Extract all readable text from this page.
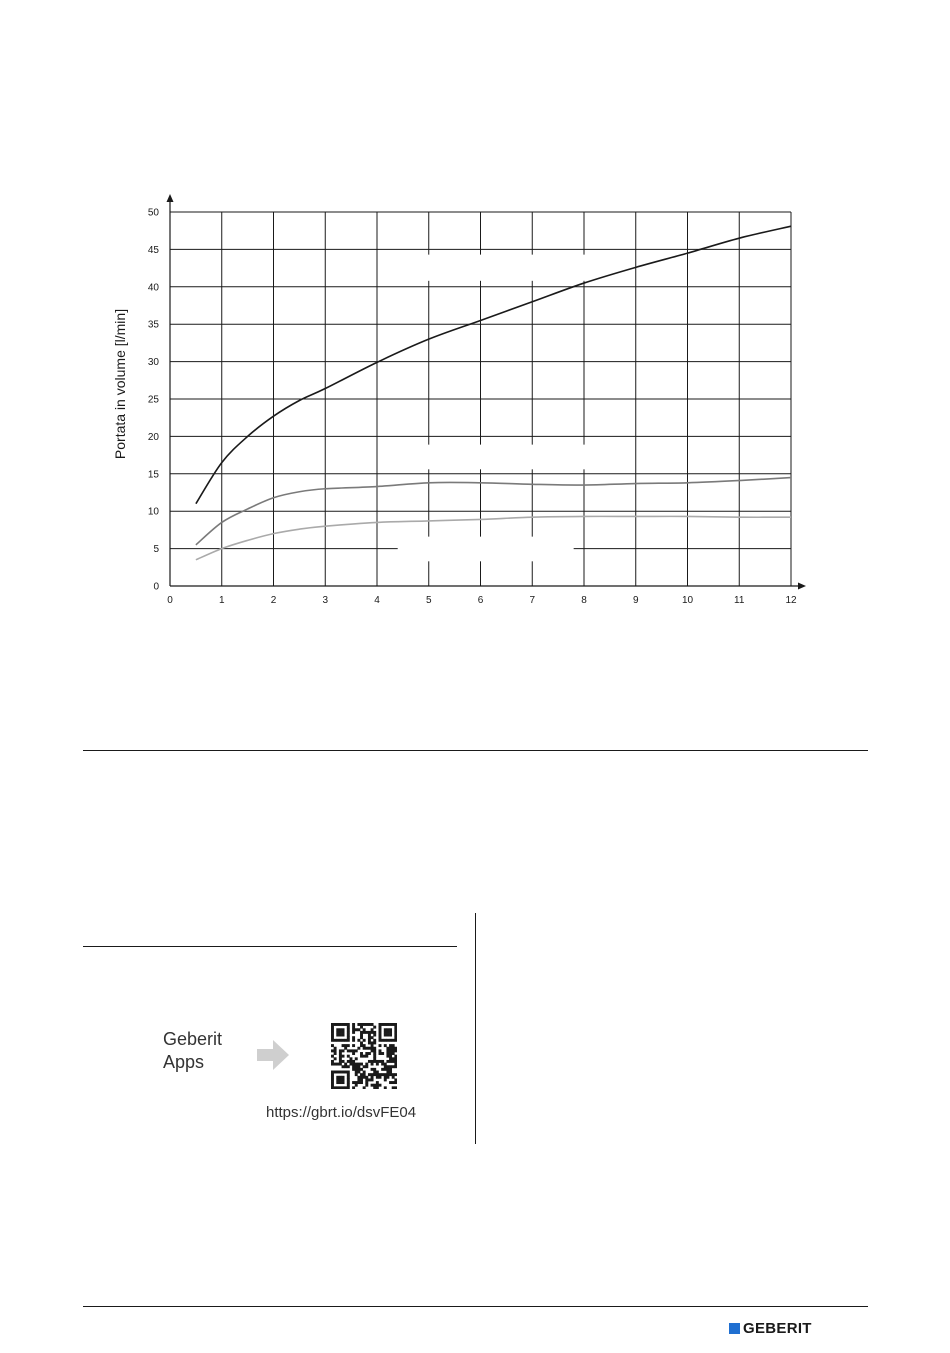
0	1	2	3	4	5	6	7	8	9	10	11	12
0
5
10
15
20
25
30
35
40
45
50
Portata in volume [l/min]
Geberit
Apps
https://gbrt.io/dsvFE04
GEBERIT
